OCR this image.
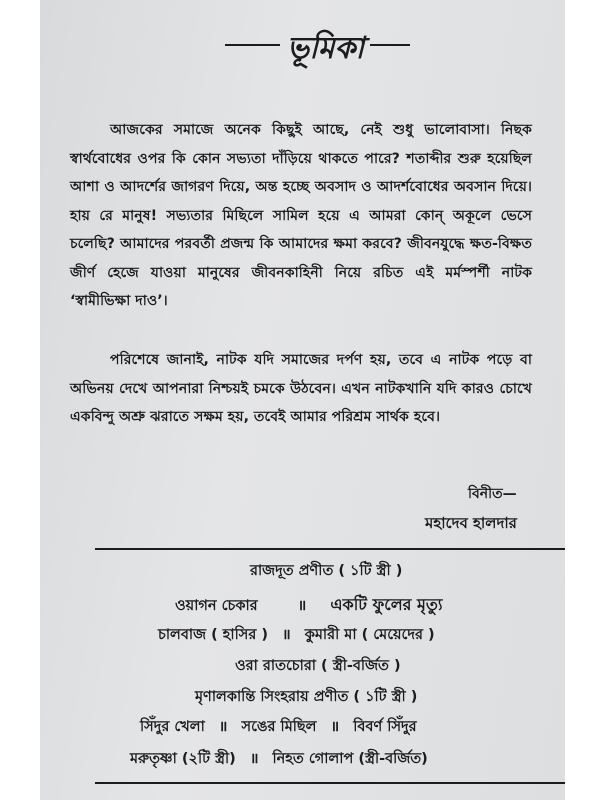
ভূমিকা

আজকের সমাজে অনেক কিছুই আছে, নেই শুধু ভালোবাসা। নিছক স্বার্থবোধের ওপর কি কোন সভ্যতা দাঁড়িয়ে থাকতে পারে? শতাব্দীর শুরু হয়েছিল আশা ও আদর্শের জাগরণ দিয়ে, অন্ত হচ্ছে অবসাদ ও আদর্শবোধের অবসান দিয়ে। হায় রে মানুষ! সভ্যতার মিছিলে সামিল হয়ে এ আমরা কোন্ অকূলে ভেসে চলেছি? আমাদের পরবর্তী প্রজন্ম কি আমাদের ক্ষমা করবে? জীবনযুদ্ধে ক্ষত-বিক্ষত জীর্ণ হেজে যাওয়া মানুষের জীবনকাহিনী নিয়ে রচিত এই মর্মস্পর্শী নাটক ‘স্বামীভিক্ষা দাও’।

পরিশেষে জানাই, নাটক যদি সমাজের দর্পণ হয়, তবে এ নাটক পড়ে বা অভিনয় দেখে আপনারা নিশ্চয়ই চমকে উঠবেন। এখন নাটকখানি যদি কারও চোখে একবিন্দু অশ্রু ঝরাতে সক্ষম হয়, তবেই আমার পরিশ্রম সার্থক হবে।

বিনীত—
মহাদেব হালদার
রাজদূত প্রণীত ( ১টি স্ত্রী )
ওয়াগন চেকার	॥ একটি ফুলের মৃত্যু
চালবাজ ( হাসির ) ॥ কুমারী মা ( মেয়েদের )
ওরা রাতচোরা ( স্ত্রী-বর্জিত )
মৃণালকান্তি সিংহরায় প্রণীত ( ১টি স্ত্রী )
সিঁদুর খেলা ॥ সঙের মিছিল ॥ বিবর্ণ সিঁদুর
মরুতৃষ্ণা (২টি স্ত্রী) ॥ নিহত গোলাপ (স্ত্রী-বর্জিত)
